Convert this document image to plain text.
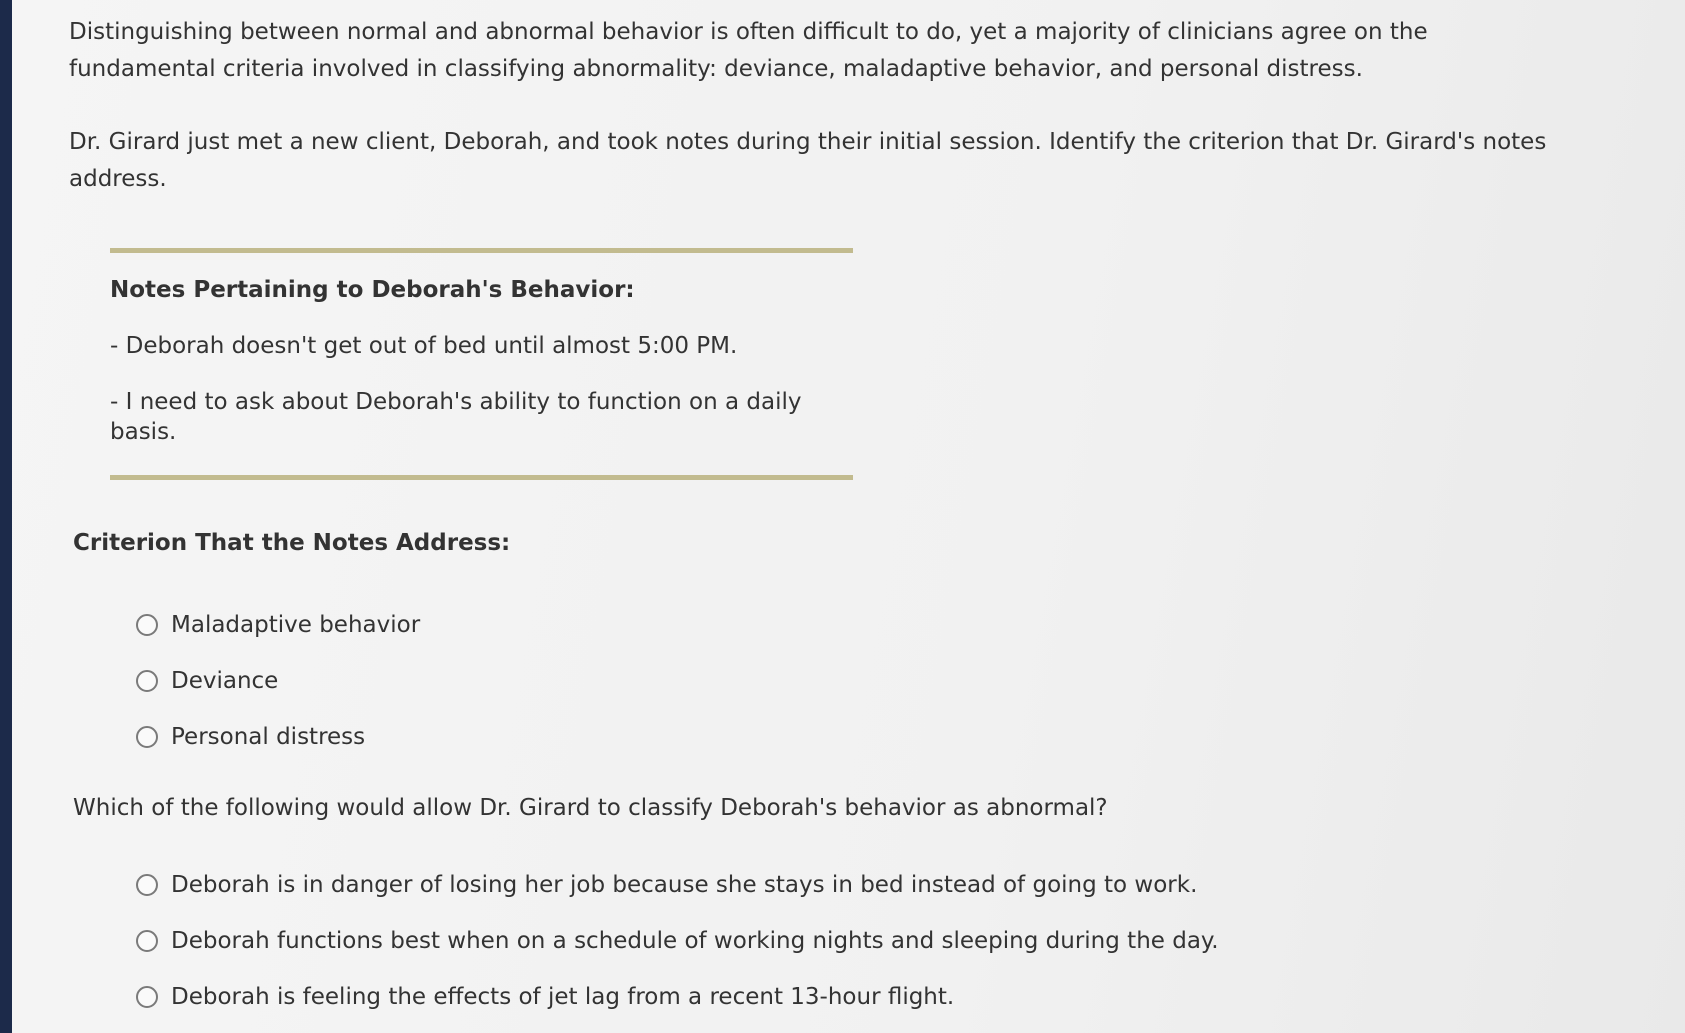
Distinguishing between normal and abnormal behavior is often difficult to do, yet a majority of clinicians agree on the fundamental criteria involved in classifying abnormality: deviance, maladaptive behavior, and personal distress.

Dr. Girard just met a new client, Deborah, and took notes during their initial session. Identify the criterion that Dr. Girard's notes address.

Notes Pertaining to Deborah's Behavior:

- Deborah doesn't get out of bed until almost 5:00 PM.

- I need to ask about Deborah's ability to function on a daily basis.

Criterion That the Notes Address:

Maladaptive behavior
Deviance
Personal distress

Which of the following would allow Dr. Girard to classify Deborah's behavior as abnormal?

Deborah is in danger of losing her job because she stays in bed instead of going to work.
Deborah functions best when on a schedule of working nights and sleeping during the day.
Deborah is feeling the effects of jet lag from a recent 13-hour flight.
